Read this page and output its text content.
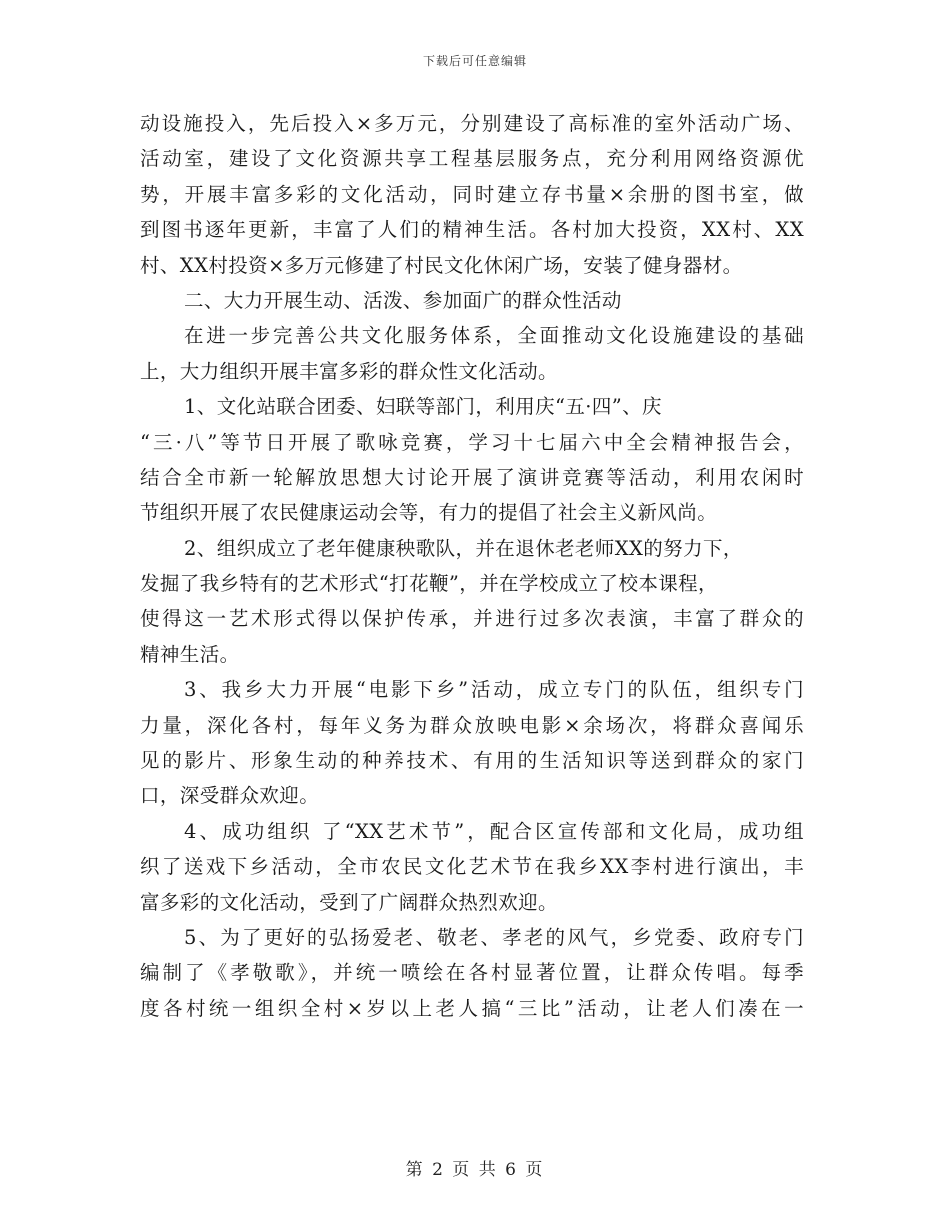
下载后可任意编辑
动设施投入，先后投入×多万元，分别建设了高标准的室外活动广场、
活动室，建设了文化资源共享工程基层服务点，充分利用网络资源优
势，开展丰富多彩的文化活动，同时建立存书量×余册的图书室，做
到图书逐年更新，丰富了人们的精神生活。各村加大投资，XX村、XX
村、XX村投资×多万元修建了村民文化休闲广场，安装了健身器材。
二、大力开展生动、活泼、参加面广的群众性活动
在进一步完善公共文化服务体系，全面推动文化设施建设的基础
上，大力组织开展丰富多彩的群众性文化活动。
1、文化站联合团委、妇联等部门，利用庆“五·四”、庆
“三·八”等节日开展了歌咏竞赛，学习十七届六中全会精神报告会，
结合全市新一轮解放思想大讨论开展了演讲竞赛等活动，利用农闲时
节组织开展了农民健康运动会等，有力的提倡了社会主义新风尚。
2、组织成立了老年健康秧歌队，并在退休老老师XX的努力下，
发掘了我乡特有的艺术形式“打花鞭”，并在学校成立了校本课程，
使得这一艺术形式得以保护传承，并进行过多次表演，丰富了群众的
精神生活。
3、我乡大力开展“电影下乡”活动，成立专门的队伍，组织专门
力量，深化各村，每年义务为群众放映电影×余场次，将群众喜闻乐
见的影片、形象生动的种养技术、有用的生活知识等送到群众的家门
口，深受群众欢迎。
4、成功组织 了“XX艺术节”，配合区宣传部和文化局，成功组
织了送戏下乡活动，全市农民文化艺术节在我乡XX李村进行演出，丰
富多彩的文化活动，受到了广阔群众热烈欢迎。
5、为了更好的弘扬爱老、敬老、孝老的风气，乡党委、政府专门
编制了《孝敬歌》，并统一喷绘在各村显著位置，让群众传唱。每季
度各村统一组织全村×岁以上老人搞“三比”活动，让老人们凑在一
第 2 页 共 6 页
